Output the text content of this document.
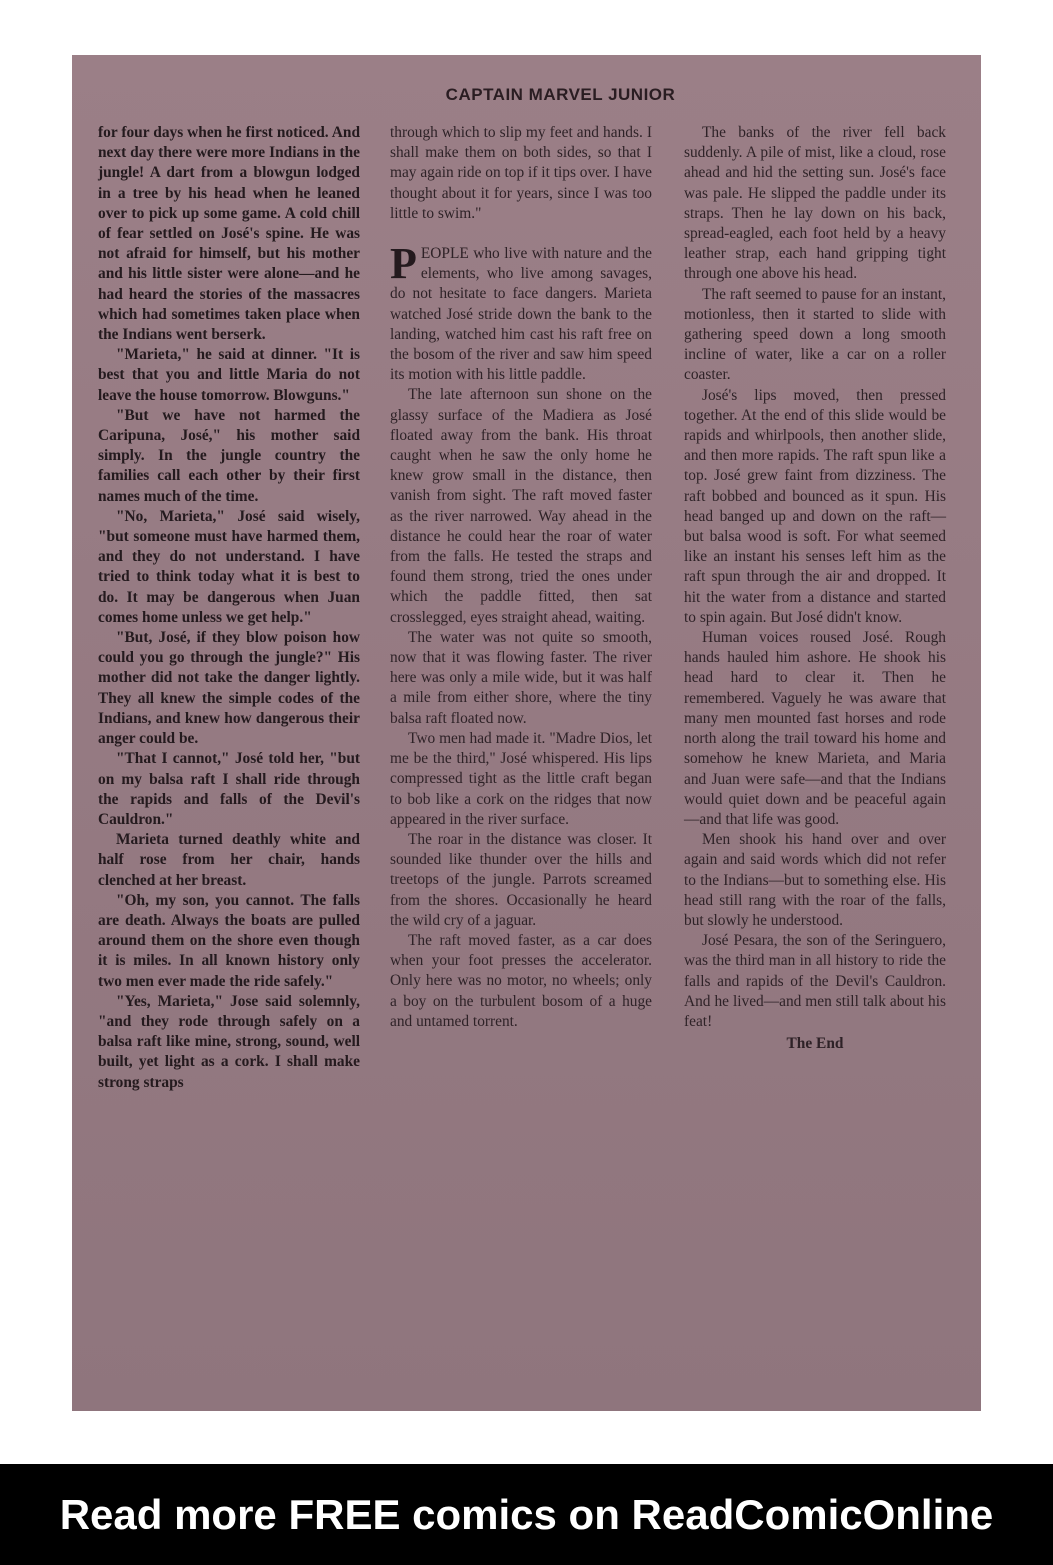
CAPTAIN MARVEL JUNIOR

for four days when he first noticed. And next day there were more Indians in the jungle! A dart from a blowgun lodged in a tree by his head when he leaned over to pick up some game. A cold chill of fear settled on José's spine. He was not afraid for himself, but his mother and his little sister were alone—and he had heard the stories of the massacres which had sometimes taken place when the Indians went berserk.

"Marieta," he said at dinner. "It is best that you and little Maria do not leave the house tomorrow. Blowguns."

"But we have not harmed the Caripuna, José," his mother said simply. In the jungle country the families call each other by their first names much of the time.

"No, Marieta," José said wisely, "but someone must have harmed them, and they do not understand. I have tried to think today what it is best to do. It may be dangerous when Juan comes home unless we get help."

"But, José, if they blow poison how could you go through the jungle?" His mother did not take the danger lightly. They all knew the simple codes of the Indians, and knew how dangerous their anger could be.

"That I cannot," José told her, "but on my balsa raft I shall ride through the rapids and falls of the Devil's Cauldron."

Marieta turned deathly white and half rose from her chair, hands clenched at her breast.

"Oh, my son, you cannot. The falls are death. Always the boats are pulled around them on the shore even though it is miles. In all known history only two men ever made the ride safely."

"Yes, Marieta," Jose said solemnly, "and they rode through safely on a balsa raft like mine, strong, sound, well built, yet light as a cork. I shall make strong straps

through which to slip my feet and hands. I shall make them on both sides, so that I may again ride on top if it tips over. I have thought about it for years, since I was too little to swim."

PEOPLE who live with nature and the elements, who live among savages, do not hesitate to face dangers. Marieta watched José stride down the bank to the landing, watched him cast his raft free on the bosom of the river and saw him speed its motion with his little paddle.

The late afternoon sun shone on the glassy surface of the Madiera as José floated away from the bank. His throat caught when he saw the only home he knew grow small in the distance, then vanish from sight. The raft moved faster as the river narrowed. Way ahead in the distance he could hear the roar of water from the falls. He tested the straps and found them strong, tried the ones under which the paddle fitted, then sat crosslegged, eyes straight ahead, waiting.

The water was not quite so smooth, now that it was flowing faster. The river here was only a mile wide, but it was half a mile from either shore, where the tiny balsa raft floated now.

Two men had made it. "Madre Dios, let me be the third," José whispered. His lips compressed tight as the little craft began to bob like a cork on the ridges that now appeared in the river surface.

The roar in the distance was closer. It sounded like thunder over the hills and treetops of the jungle. Parrots screamed from the shores. Occasionally he heard the wild cry of a jaguar.

The raft moved faster, as a car does when your foot presses the accelerator. Only here was no motor, no wheels; only a boy on the turbulent bosom of a huge and untamed torrent.

The banks of the river fell back suddenly. A pile of mist, like a cloud, rose ahead and hid the setting sun. José's face was pale. He slipped the paddle under its straps. Then he lay down on his back, spread-eagled, each foot held by a heavy leather strap, each hand gripping tight through one above his head.

The raft seemed to pause for an instant, motionless, then it started to slide with gathering speed down a long smooth incline of water, like a car on a roller coaster.

José's lips moved, then pressed together. At the end of this slide would be rapids and whirlpools, then another slide, and then more rapids. The raft spun like a top. José grew faint from dizziness. The raft bobbed and bounced as it spun. His head banged up and down on the raft—but balsa wood is soft. For what seemed like an instant his senses left him as the raft spun through the air and dropped. It hit the water from a distance and started to spin again. But José didn't know.

Human voices roused José. Rough hands hauled him ashore. He shook his head hard to clear it. Then he remembered. Vaguely he was aware that many men mounted fast horses and rode north along the trail toward his home and somehow he knew Marieta, and Maria and Juan were safe—and that the Indians would quiet down and be peaceful again—and that life was good.

Men shook his hand over and over again and said words which did not refer to the Indians—but to something else. His head still rang with the roar of the falls, but slowly he understood.

José Pesara, the son of the Seringuero, was the third man in all history to ride the falls and rapids of the Devil's Cauldron. And he lived—and men still talk about his feat!

The End

Read more FREE comics on ReadComicOnline
